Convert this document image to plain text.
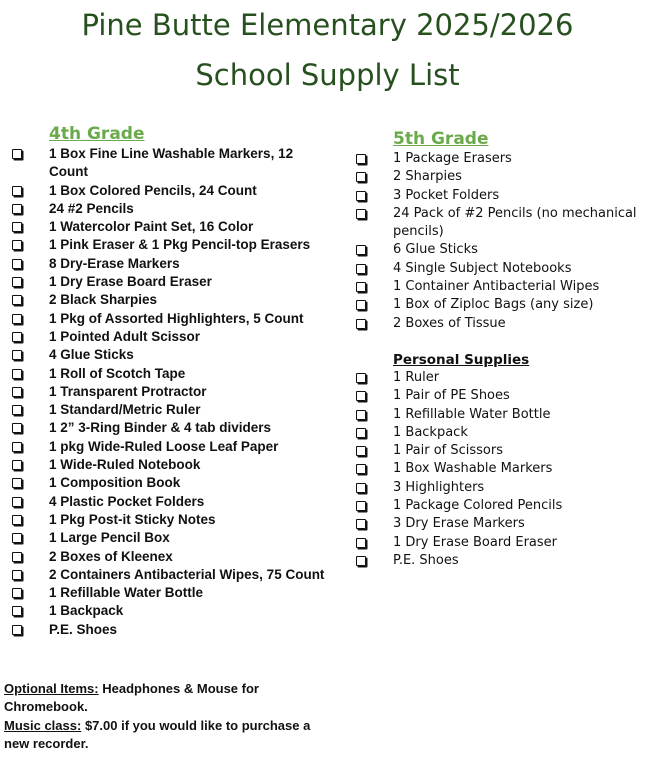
Pine Butte Elementary 2025/2026
School Supply List
4th Grade
1 Box Fine Line Washable Markers, 12 Count
1 Box Colored Pencils, 24 Count
24 #2 Pencils
1 Watercolor Paint Set, 16 Color
1 Pink Eraser & 1 Pkg Pencil-top Erasers
8 Dry-Erase Markers
1 Dry Erase Board Eraser
2 Black Sharpies
1 Pkg of Assorted Highlighters, 5 Count
1 Pointed Adult Scissor
4 Glue Sticks
1 Roll of Scotch Tape
1 Transparent Protractor
1 Standard/Metric Ruler
1 2” 3-Ring Binder & 4 tab dividers
1 pkg Wide-Ruled Loose Leaf Paper
1 Wide-Ruled Notebook
1 Composition Book
4 Plastic Pocket Folders
1 Pkg Post-it Sticky Notes
1 Large Pencil Box
2 Boxes of Kleenex
2 Containers Antibacterial Wipes, 75 Count
1 Refillable Water Bottle
1 Backpack
P.E. Shoes
5th Grade
1 Package Erasers
2 Sharpies
3 Pocket Folders
24 Pack of #2 Pencils (no mechanical pencils)
6 Glue Sticks
4 Single Subject Notebooks
1 Container Antibacterial Wipes
1 Box of Ziploc Bags (any size)
2 Boxes of Tissue
Personal Supplies
1 Ruler
1 Pair of PE Shoes
1 Refillable Water Bottle
1 Backpack
1 Pair of Scissors
1 Box Washable Markers
3 Highlighters
1 Package Colored Pencils
3 Dry Erase Markers
1 Dry Erase Board Eraser
P.E. Shoes
Optional Items: Headphones & Mouse for Chromebook.
Music class: $7.00 if you would like to purchase a new recorder.
